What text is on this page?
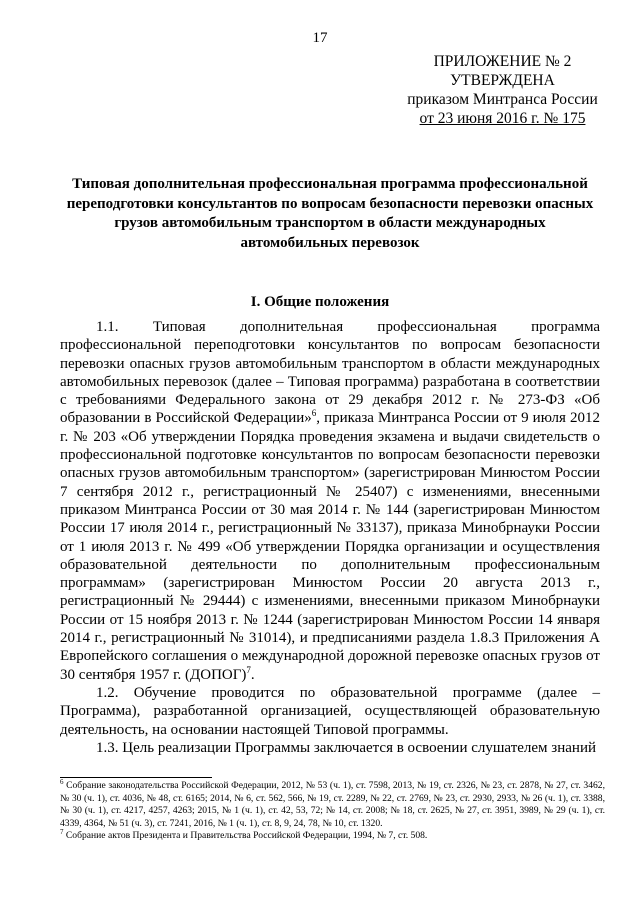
17
ПРИЛОЖЕНИЕ № 2
УТВЕРЖДЕНА
приказом Минтранса России
от 23 июня 2016 г. № 175
Типовая дополнительная профессиональная программа профессиональной переподготовки консультантов по вопросам безопасности перевозки опасных грузов автомобильным транспортом в области международных автомобильных перевозок
I. Общие положения

1.1. Типовая дополнительная профессиональная программа профессиональной переподготовки консультантов по вопросам безопасности перевозки опасных грузов автомобильным транспортом в области международных автомобильных перевозок (далее – Типовая программа) разработана в соответствии с требованиями Федерального закона от 29 декабря 2012 г. № 273-ФЗ «Об образовании в Российской Федерации»$^6$, приказа Минтранса России от 9 июля 2012 г. № 203 «Об утверждении Порядка проведения экзамена и выдачи свидетельств о профессиональной подготовке консультантов по вопросам безопасности перевозки опасных грузов автомобильным транспортом» (зарегистрирован Минюстом России 7 сентября 2012 г., регистрационный № 25407) с изменениями, внесенными приказом Минтранса России от 30 мая 2014 г. № 144 (зарегистрирован Минюстом России 17 июля 2014 г., регистрационный № 33137), приказа Минобрнауки России от 1 июля 2013 г. № 499 «Об утверждении Порядка организации и осуществления образовательной деятельности по дополнительным профессиональным программам» (зарегистрирован Минюстом России 20 августа 2013 г., регистрационный № 29444) с изменениями, внесенными приказом Минобрнауки России от 15 ноября 2013 г. № 1244 (зарегистрирован Минюстом России 14 января 2014 г., регистрационный № 31014), и предписаниями раздела 1.8.3 Приложения А Европейского соглашения о международной дорожной перевозке опасных грузов от 30 сентября 1957 г. (ДОПОГ)$^7$.

1.2. Обучение проводится по образовательной программе (далее – Программа), разработанной организацией, осуществляющей образовательную деятельность, на основании настоящей Типовой программы.

1.3. Цель реализации Программы заключается в освоении слушателем знаний

$^6$ Собрание законодательства Российской Федерации, 2012, № 53 (ч. 1), ст. 7598, 2013, № 19, ст. 2326, № 23, ст. 2878, № 27, ст. 3462, № 30 (ч. 1), ст. 4036, № 48, ст. 6165; 2014, № 6, ст. 562, 566, № 19, ст. 2289, № 22, ст. 2769, № 23, ст. 2930, 2933, № 26 (ч. 1), ст. 3388, № 30 (ч. 1), ст. 4217, 4257, 4263; 2015, № 1 (ч. 1), ст. 42, 53, 72; № 14, ст. 2008; № 18, ст. 2625, № 27, ст. 3951, 3989, № 29 (ч. 1), ст. 4339, 4364, № 51 (ч. 3), ст. 7241, 2016, № 1 (ч. 1), ст. 8, 9, 24, 78, № 10, ст. 1320.

$^7$ Собрание актов Президента и Правительства Российской Федерации, 1994, № 7, ст. 508.
